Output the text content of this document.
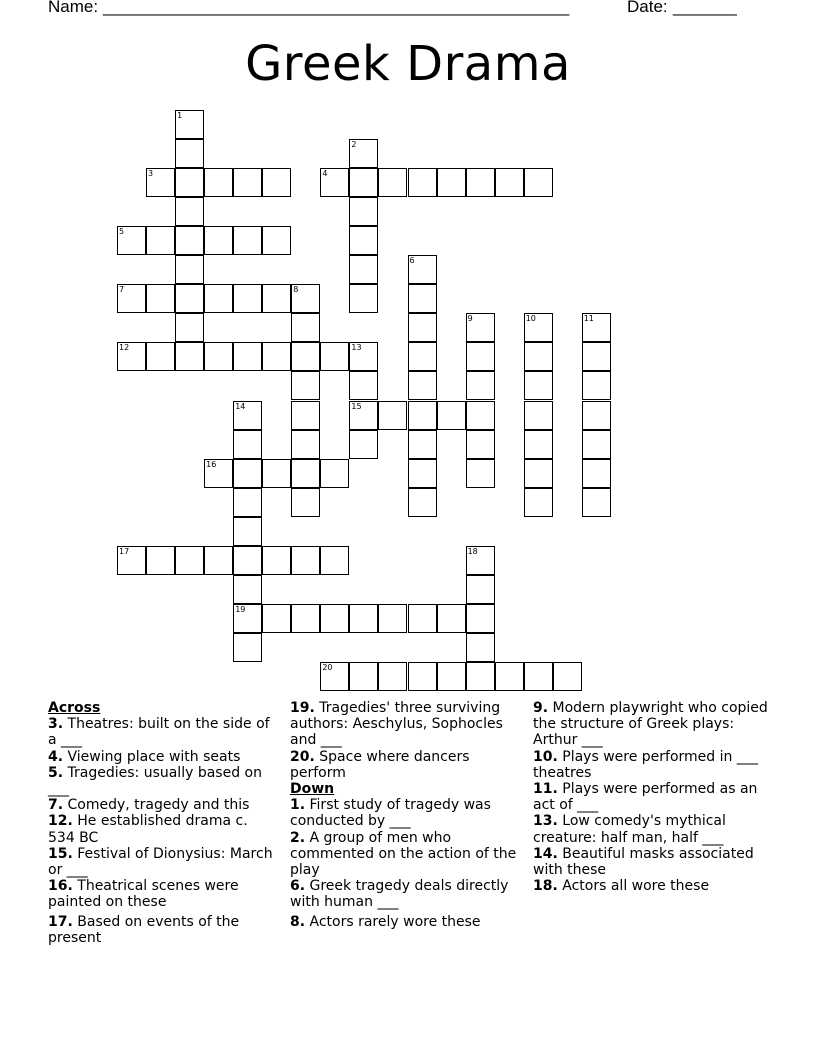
Name: ________________________________________________________	Date: _______
Greek Drama
1
2
3	4
5
6
7	8
9	10	11
12	13
15
14
19
16
17	18
20
Across
3. Theatres: built on the side of a ___
4. Viewing place with seats
5. Tragedies: usually based on ___
7. Comedy, tragedy and this
12. He established drama c. 534 BC
15. Festival of Dionysius: March or ___
16. Theatrical scenes were painted on these
17. Based on events of the present
19. Tragedies' three surviving authors: Aeschylus, Sophocles and ___
20. Space where dancers perform
Down
1. First study of tragedy was conducted by ___
2. A group of men who commented on the action of the play
6. Greek tragedy deals directly with human ___
8. Actors rarely wore these
9. Modern playwright who copied the structure of Greek plays: Arthur ___
10. Plays were performed in ___ theatres
11. Plays were performed as an act of ___
13. Low comedy's mythical creature: half man, half ___
14. Beautiful masks associated with these
18. Actors all wore these
